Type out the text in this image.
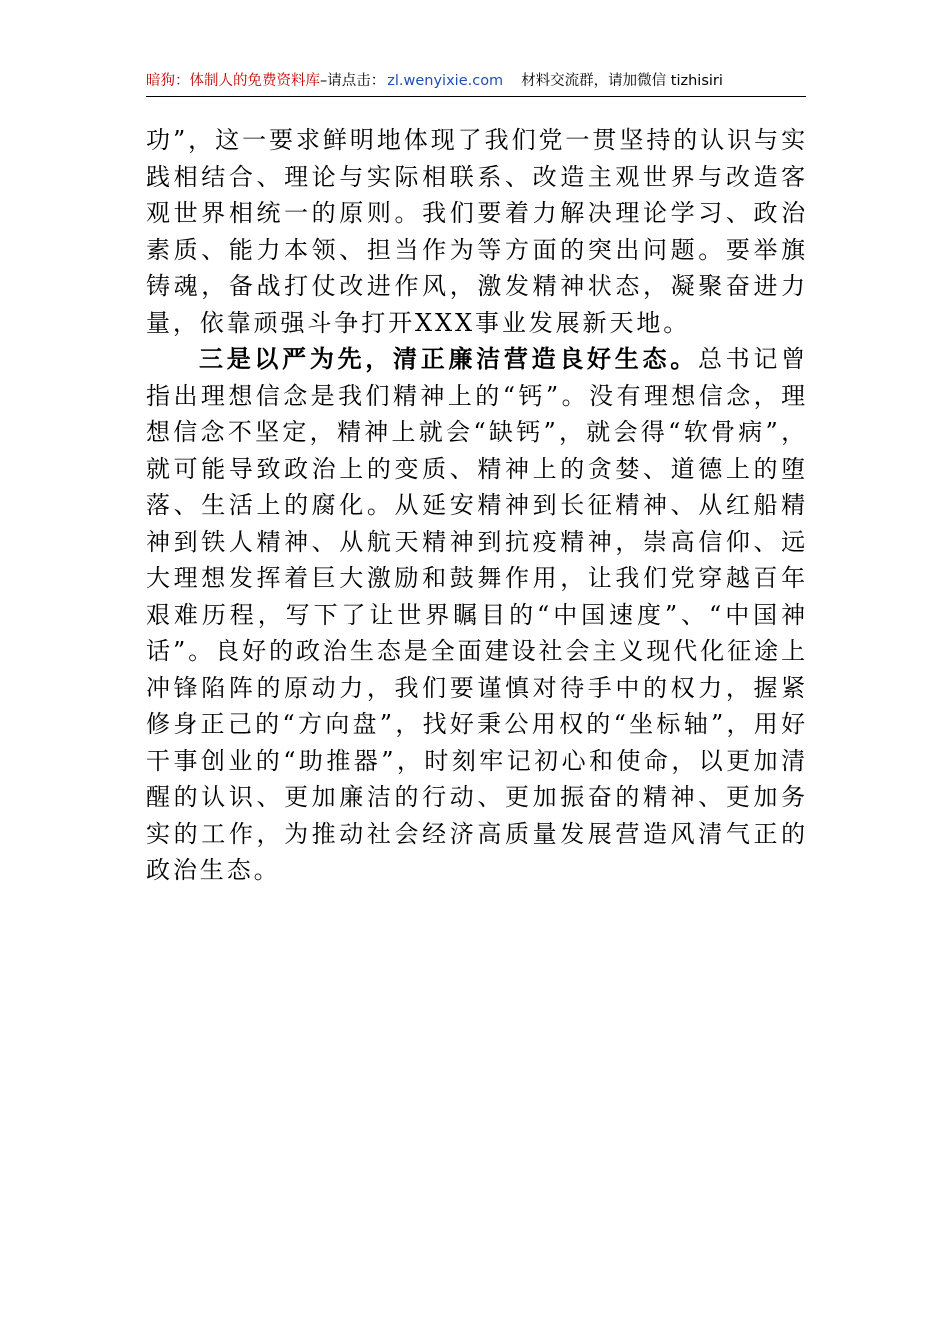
暗狗：体制人的免费资料库–请点击： zl.wenyixie.com 材料交流群，请加微信 tizhisiri

功”，这一要求鲜明地体现了我们党一贯坚持的认识与实践相结合、理论与实际相联系、改造主观世界与改造客观世界相统一的原则。我们要着力解决理论学习、政治素质、能力本领、担当作为等方面的突出问题。要举旗铸魂，备战打仗改进作风，激发精神状态，凝聚奋进力量，依靠顽强斗争打开XXX事业发展新天地。

三是以严为先，清正廉洁营造良好生态。总书记曾指出理想信念是我们精神上的“钙”。没有理想信念，理想信念不坚定，精神上就会“缺钙”，就会得“软骨病”，就可能导致政治上的变质、精神上的贪婪、道德上的堕落、生活上的腐化。从延安精神到长征精神、从红船精神到铁人精神、从航天精神到抗疫精神，崇高信仰、远大理想发挥着巨大激励和鼓舞作用，让我们党穿越百年艰难历程，写下了让世界瞩目的“中国速度”、“中国神话”。良好的政治生态是全面建设社会主义现代化征途上冲锋陷阵的原动力，我们要谨慎对待手中的权力，握紧修身正己的“方向盘”，找好秉公用权的“坐标轴”，用好干事创业的“助推器”，时刻牢记初心和使命，以更加清醒的认识、更加廉洁的行动、更加振奋的精神、更加务实的工作，为推动社会经济高质量发展营造风清气正的政治生态。
